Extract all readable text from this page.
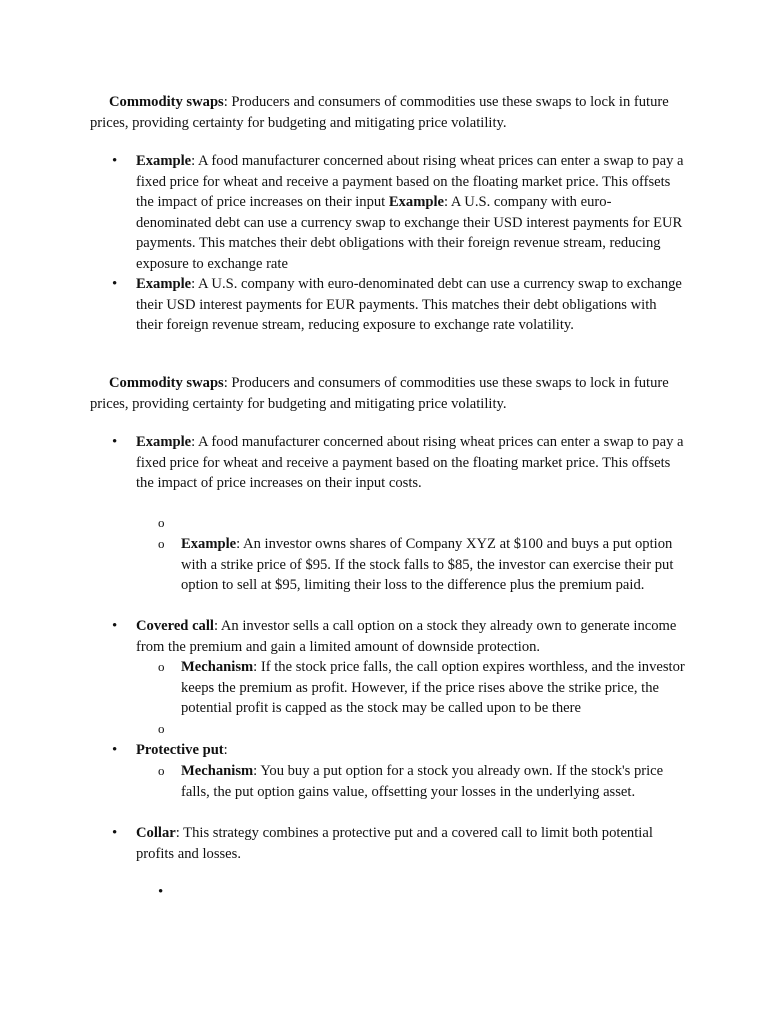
Commodity swaps: Producers and consumers of commodities use these swaps to lock in future prices, providing certainty for budgeting and mitigating price volatility.

• Example: A food manufacturer concerned about rising wheat prices can enter a swap to pay a fixed price for wheat and receive a payment based on the floating market price. This offsets the impact of price increases on their input Example: A U.S. company with euro-denominated debt can use a currency swap to exchange their USD interest payments for EUR payments. This matches their debt obligations with their foreign revenue stream, reducing exposure to exchange rate
• Example: A U.S. company with euro-denominated debt can use a currency swap to exchange their USD interest payments for EUR payments. This matches their debt obligations with their foreign revenue stream, reducing exposure to exchange rate volatility.

Commodity swaps: Producers and consumers of commodities use these swaps to lock in future prices, providing certainty for budgeting and mitigating price volatility.

• Example: A food manufacturer concerned about rising wheat prices can enter a swap to pay a fixed price for wheat and receive a payment based on the floating market price. This offsets the impact of price increases on their input costs.
o
o Example: An investor owns shares of Company XYZ at $100 and buys a put option with a strike price of $95. If the stock falls to $85, the investor can exercise their put option to sell at $95, limiting their loss to the difference plus the premium paid.
• Covered call: An investor sells a call option on a stock they already own to generate income from the premium and gain a limited amount of downside protection.
o Mechanism: If the stock price falls, the call option expires worthless, and the investor keeps the premium as profit. However, if the price rises above the strike price, the potential profit is capped as the stock may be called upon to be there
o
• Protective put:
o Mechanism: You buy a put option for a stock you already own. If the stock's price falls, the put option gains value, offsetting your losses in the underlying asset.
• Collar: This strategy combines a protective put and a covered call to limit both potential profits and losses.
•
